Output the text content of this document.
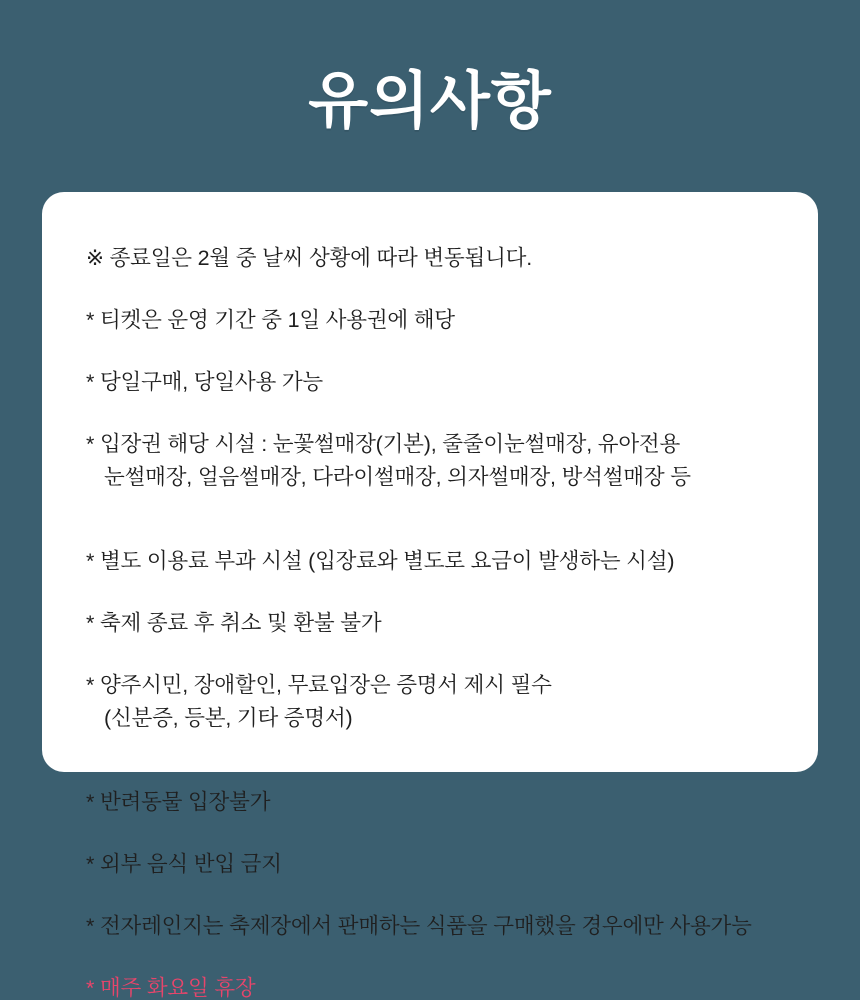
유의사항

※ 종료일은 2월 중 날씨 상황에 따라 변동됩니다.

* 티켓은 운영 기간 중 1일 사용권에 해당

* 당일구매, 당일사용 가능

* 입장권 해당 시설 : 눈꽃썰매장(기본), 줄줄이눈썰매장, 유아전용

눈썰매장, 얼음썰매장, 다라이썰매장, 의자썰매장, 방석썰매장 등

* 별도 이용료 부과 시설 (입장료와 별도로 요금이 발생하는 시설)

* 축제 종료 후 취소 및 환불 불가

* 양주시민, 장애할인, 무료입장은 증명서 제시 필수

(신분증, 등본, 기타 증명서)

* 반려동물 입장불가

* 외부 음식 반입 금지

* 전자레인지는 축제장에서 판매하는 식품을 구매했을 경우에만 사용가능

* 매주 화요일 휴장
